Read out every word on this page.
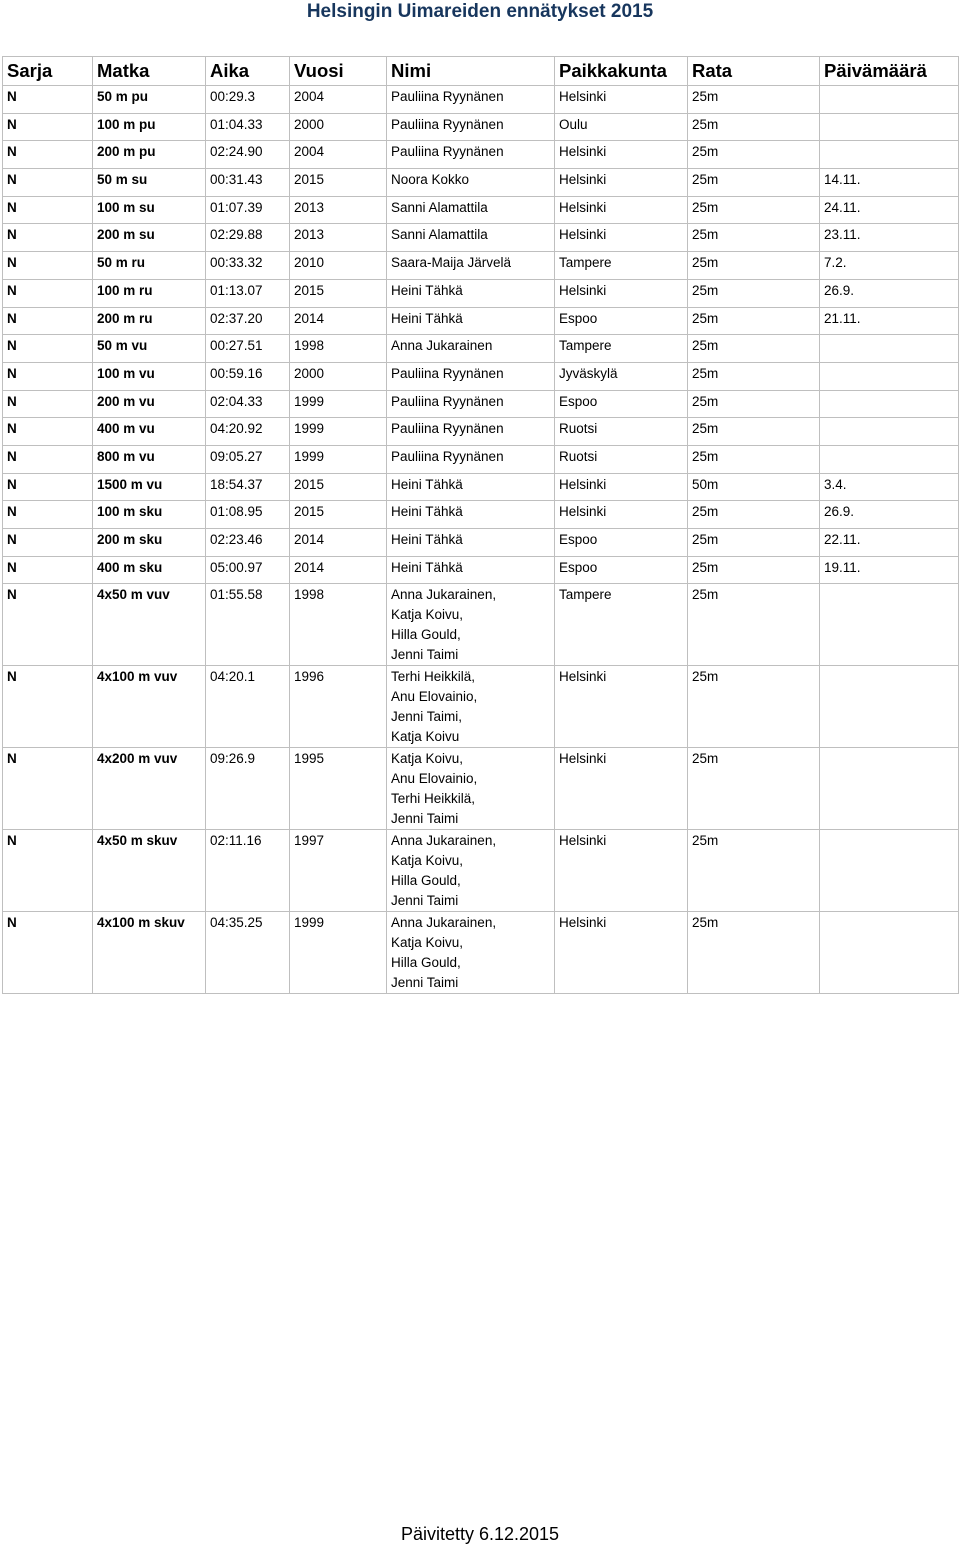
Helsingin Uimareiden ennätykset 2015
Sarja	Matka	Aika	Vuosi	Nimi	Paikkakunta	Rata	Päivämäärä
N	50 m pu	00:29.3	2004	Pauliina Ryynänen	Helsinki	25m	
N	100 m pu	01:04.33	2000	Pauliina Ryynänen	Oulu	25m	
N	200 m pu	02:24.90	2004	Pauliina Ryynänen	Helsinki	25m	
N	50 m su	00:31.43	2015	Noora Kokko	Helsinki	25m	14.11.
N	100 m su	01:07.39	2013	Sanni Alamattila	Helsinki	25m	24.11.
N	200 m su	02:29.88	2013	Sanni Alamattila	Helsinki	25m	23.11.
N	50 m ru	00:33.32	2010	Saara-Maija Järvelä	Tampere	25m	7.2.
N	100 m ru	01:13.07	2015	Heini Tähkä	Helsinki	25m	26.9.
N	200 m ru	02:37.20	2014	Heini Tähkä	Espoo	25m	21.11.
N	50 m vu	00:27.51	1998	Anna Jukarainen	Tampere	25m	
N	100 m vu	00:59.16	2000	Pauliina Ryynänen	Jyväskylä	25m	
N	200 m vu	02:04.33	1999	Pauliina Ryynänen	Espoo	25m	
N	400 m vu	04:20.92	1999	Pauliina Ryynänen	Ruotsi	25m	
N	800 m vu	09:05.27	1999	Pauliina Ryynänen	Ruotsi	25m	
N	1500 m vu	18:54.37	2015	Heini Tähkä	Helsinki	50m	3.4.
N	100 m sku	01:08.95	2015	Heini Tähkä	Helsinki	25m	26.9.
N	200 m sku	02:23.46	2014	Heini Tähkä	Espoo	25m	22.11.
N	400 m sku	05:00.97	2014	Heini Tähkä	Espoo	25m	19.11.
N	4x50 m vuv	01:55.58	1998	Anna Jukarainen,
Katja Koivu,
Hilla Gould,
Jenni Taimi	Tampere	25m	
N	4x100 m vuv	04:20.1	1996	Terhi Heikkilä,
Anu Elovainio,
Jenni Taimi,
Katja Koivu	Helsinki	25m	
N	4x200 m vuv	09:26.9	1995	Katja Koivu,
Anu Elovainio,
Terhi Heikkilä,
Jenni Taimi	Helsinki	25m	
N	4x50 m skuv	02:11.16	1997	Anna Jukarainen,
Katja Koivu,
Hilla Gould,
Jenni Taimi	Helsinki	25m	
N	4x100 m skuv	04:35.25	1999	Anna Jukarainen,
Katja Koivu,
Hilla Gould,
Jenni Taimi	Helsinki	25m	
Päivitetty 6.12.2015
